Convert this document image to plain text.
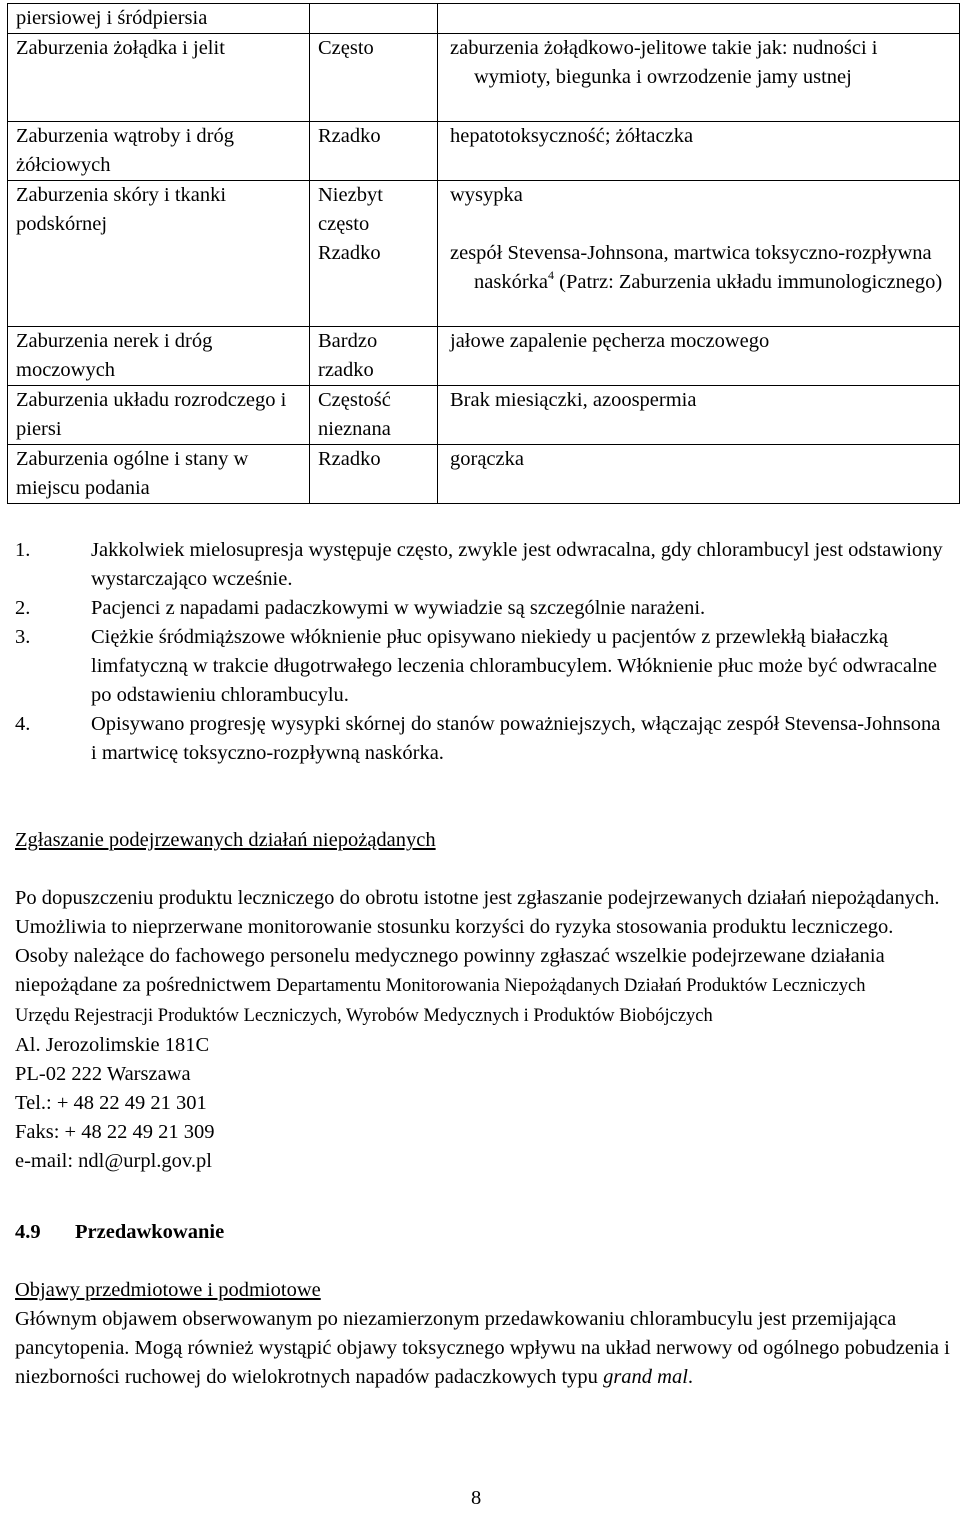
piersiowej i śródpiersia		
Zaburzenia żołądka i jelit	Często	zaburzenia żołądkowo-jelitowe takie jak: nudności i wymioty, biegunka i owrzodzenie jamy ustnej
Zaburzenia wątroby i dróg żółciowych	Rzadko	hepatotoksyczność; żółtaczka
Zaburzenia skóry i tkanki podskórnej	Niezbyt często	wysypka
	Rzadko	zespół Stevensa-Johnsona, martwica toksyczno-rozpływna naskórka$^4$ (Patrz: Zaburzenia układu immunologicznego)
Zaburzenia nerek i dróg moczowych	Bardzo rzadko	jałowe zapalenie pęcherza moczowego
Zaburzenia układu rozrodczego i piersi	Częstość nieznana	Brak miesiączki, azoospermia
Zaburzenia ogólne i stany w miejscu podania	Rzadko	gorączka
1.	Jakkolwiek mielosupresja występuje często, zwykle jest odwracalna, gdy chlorambucyl jest odstawiony wystarczająco wcześnie.
2.	Pacjenci z napadami padaczkowymi w wywiadzie są szczególnie narażeni.
3.	Ciężkie śródmiąższowe włóknienie płuc opisywano niekiedy u pacjentów z przewlekłą białaczką limfatyczną w trakcie długotrwałego leczenia chlorambucylem. Włóknienie płuc może być odwracalne po odstawieniu chlorambucylu.
4.	Opisywano progresję wysypki skórnej do stanów poważniejszych, włączając zespół Stevensa-Johnsona i martwicę toksyczno-rozpływną naskórka.
Zgłaszanie podejrzewanych działań niepożądanych
Po dopuszczeniu produktu leczniczego do obrotu istotne jest zgłaszanie podejrzewanych działań niepożądanych. Umożliwia to nieprzerwane monitorowanie stosunku korzyści do ryzyka stosowania produktu leczniczego. Osoby należące do fachowego personelu medycznego powinny zgłaszać wszelkie podejrzewane działania niepożądane za pośrednictwem Departamentu Monitorowania Niepożądanych Działań Produktów Leczniczych
Urzędu Rejestracji Produktów Leczniczych, Wyrobów Medycznych i Produktów Biobójczych
Al. Jerozolimskie 181C
PL-02 222 Warszawa
Tel.: + 48 22 49 21 301
Faks: + 48 22 49 21 309
e-mail: ndl@urpl.gov.pl
4.9 Przedawkowanie
Objawy przedmiotowe i podmiotowe
Głównym objawem obserwowanym po niezamierzonym przedawkowaniu chlorambucylu jest przemijająca pancytopenia. Mogą również wystąpić objawy toksycznego wpływu na układ nerwowy od ogólnego pobudzenia i niezborności ruchowej do wielokrotnych napadów padaczkowych typu grand mal.
8
